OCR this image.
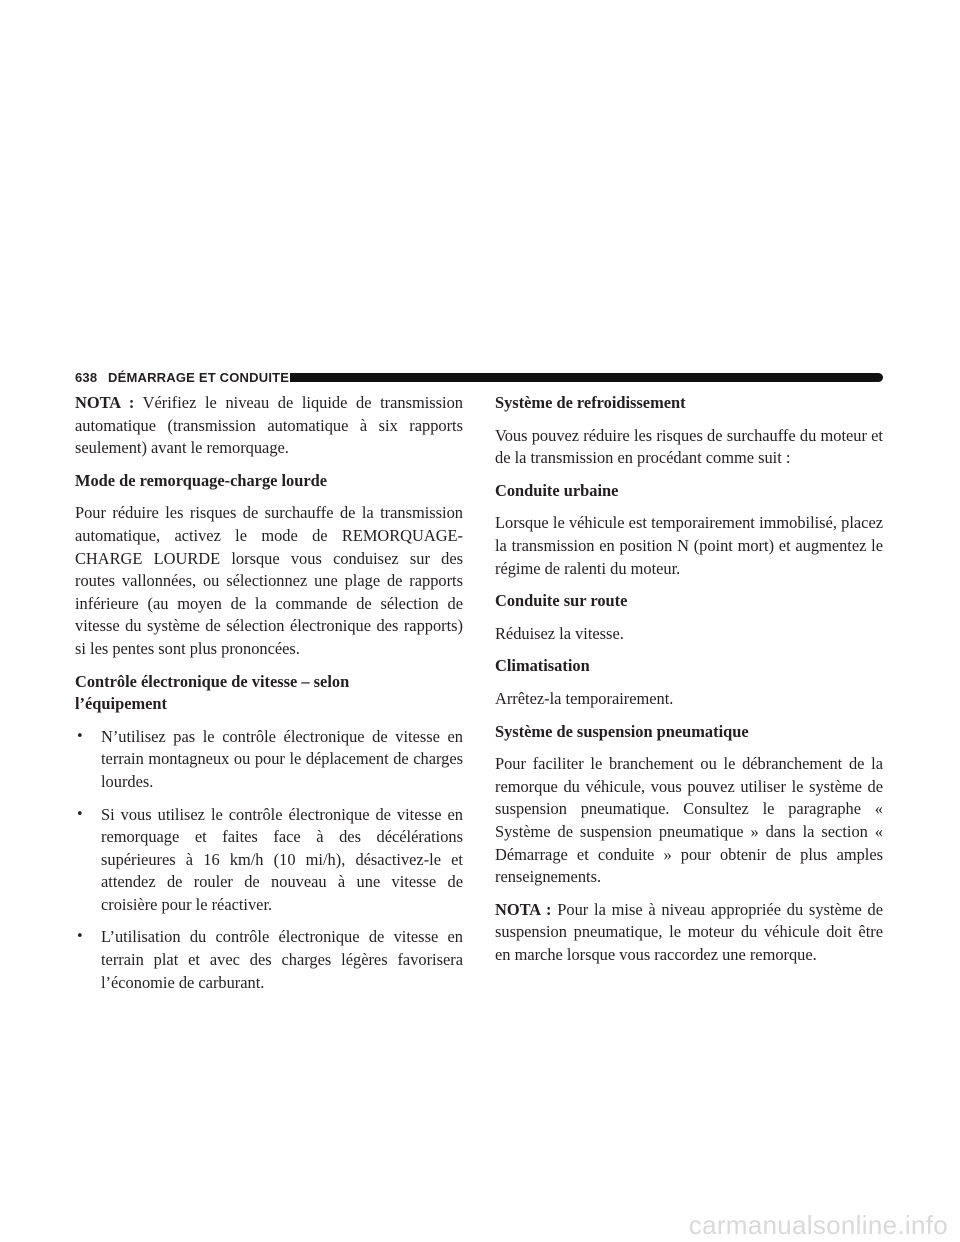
638 DÉMARRAGE ET CONDUITE

NOTA : Vérifiez le niveau de liquide de transmission automatique (transmission automatique à six rapports seulement) avant le remorquage.

Mode de remorquage-charge lourde

Pour réduire les risques de surchauffe de la transmission automatique, activez le mode de REMORQUAGE-CHARGE LOURDE lorsque vous conduisez sur des routes vallonnées, ou sélectionnez une plage de rapports inférieure (au moyen de la commande de sélection de vitesse du système de sélection électronique des rapports) si les pentes sont plus prononcées.

Contrôle électronique de vitesse – selon
l’équipement
• N’utilisez pas le contrôle électronique de vitesse en terrain montagneux ou pour le déplacement de charges lourdes.
• Si vous utilisez le contrôle électronique de vitesse en remorquage et faites face à des décélérations supérieures à 16 km/h (10 mi/h), désactivez-le et attendez de rouler de nouveau à une vitesse de croisière pour le réactiver.
• L’utilisation du contrôle électronique de vitesse en terrain plat et avec des charges légères favorisera l’économie de carburant.
Système de refroidissement

Vous pouvez réduire les risques de surchauffe du moteur et de la transmission en procédant comme suit :

Conduite urbaine

Lorsque le véhicule est temporairement immobilisé, placez la transmission en position N (point mort) et augmentez le régime de ralenti du moteur.

Conduite sur route

Réduisez la vitesse.

Climatisation

Arrêtez-la temporairement.

Système de suspension pneumatique

Pour faciliter le branchement ou le débranchement de la remorque du véhicule, vous pouvez utiliser le système de suspension pneumatique. Consultez le paragraphe « Système de suspension pneumatique » dans la section « Démarrage et conduite » pour obtenir de plus amples renseignements.

NOTA : Pour la mise à niveau appropriée du système de suspension pneumatique, le moteur du véhicule doit être en marche lorsque vous raccordez une remorque.

carmanualsonline.info
